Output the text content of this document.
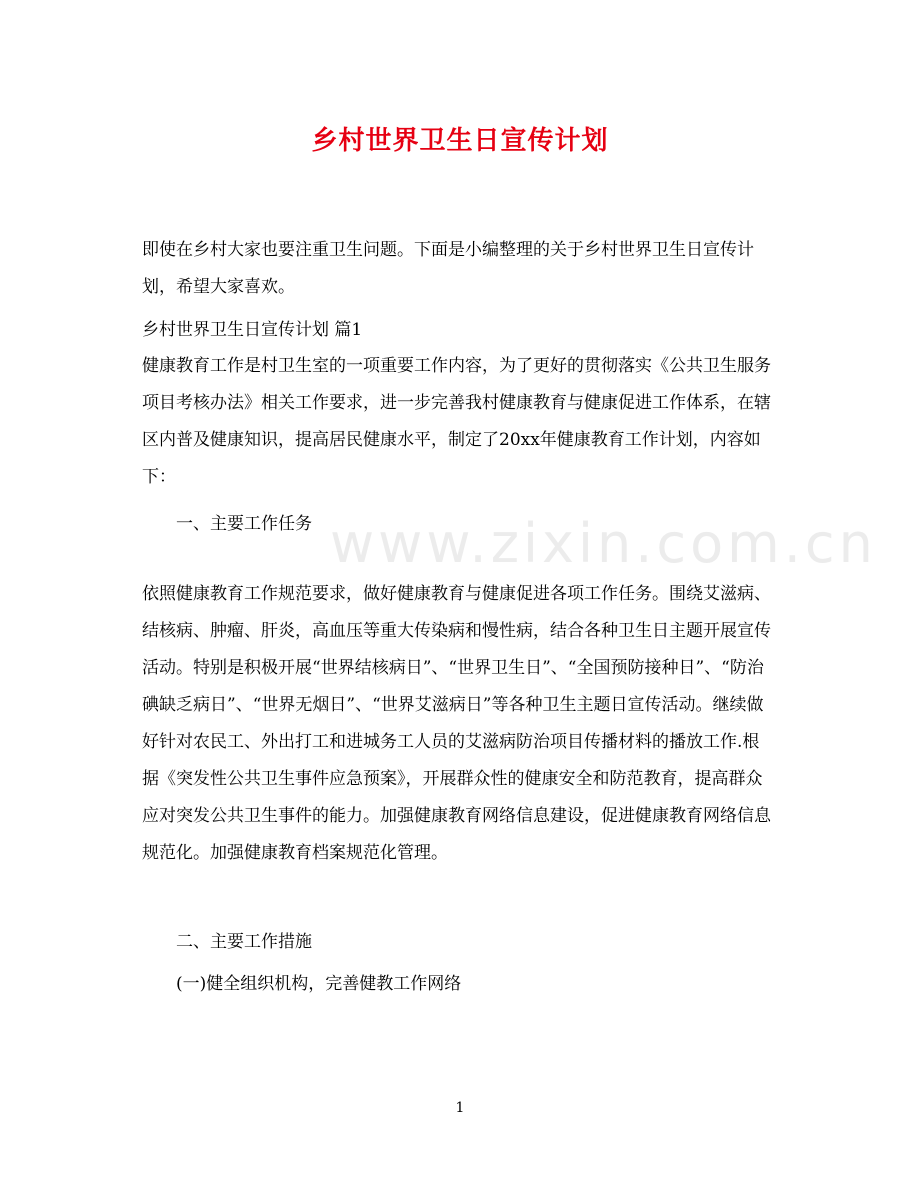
乡村世界卫生日宣传计划
即使在乡村大家也要注重卫生问题。下面是小编整理的关于乡村世界卫生日宣传计划，希望大家喜欢。
乡村世界卫生日宣传计划 篇1
健康教育工作是村卫生室的一项重要工作内容，为了更好的贯彻落实《公共卫生服务项目考核办法》相关工作要求，进一步完善我村健康教育与健康促进工作体系，在辖区内普及健康知识，提高居民健康水平，制定了20xx年健康教育工作计划，内容如下：
一、主要工作任务 www.zixin.com.cn
依照健康教育工作规范要求，做好健康教育与健康促进各项工作任务。围绕艾滋病、结核病、肿瘤、肝炎，高血压等重大传染病和慢性病，结合各种卫生日主题开展宣传活动。特别是积极开展“世界结核病日”、“世界卫生日”、“全国预防接种日”、“防治碘缺乏病日”、“世界无烟日”、“世界艾滋病日”等各种卫生主题日宣传活动。继续做好针对农民工、外出打工和进城务工人员的艾滋病防治项目传播材料的播放工作.根据《突发性公共卫生事件应急预案》，开展群众性的健康安全和防范教育，提高群众应对突发公共卫生事件的能力。加强健康教育网络信息建设，促进健康教育网络信息规范化。加强健康教育档案规范化管理。
二、主要工作措施
(一)健全组织机构，完善健教工作网络
1
